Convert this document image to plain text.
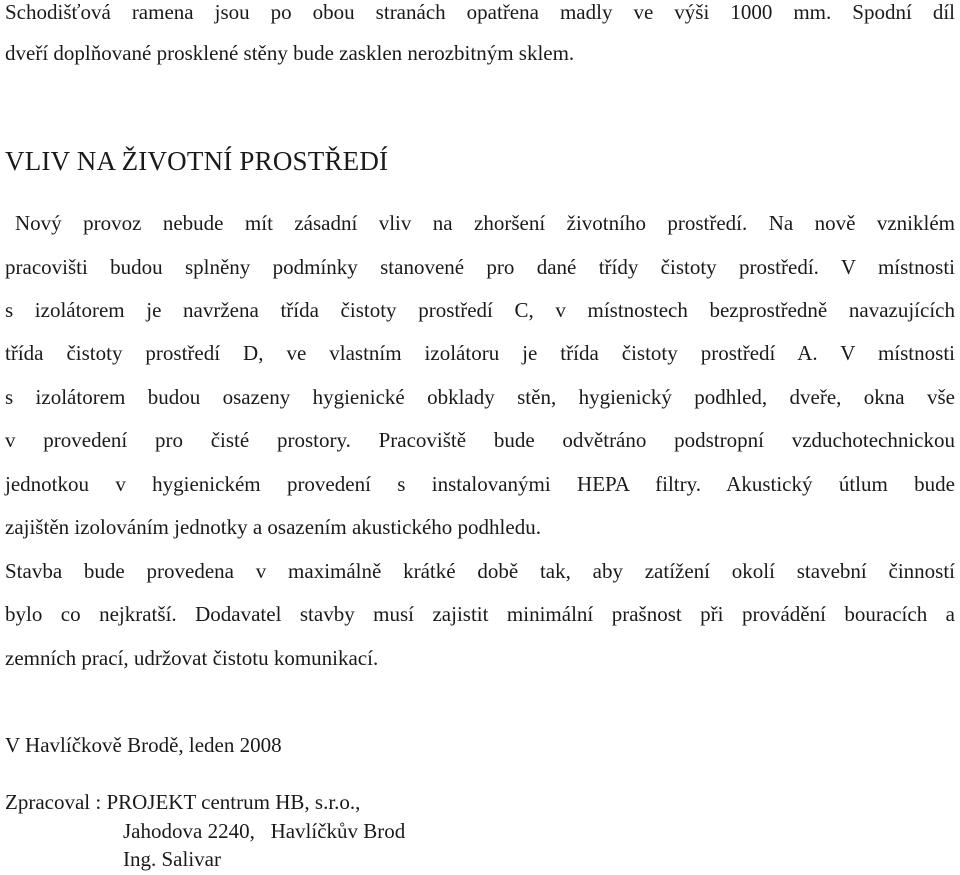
Schodišťová ramena jsou po obou stranách opatřena madly ve výši 1000 mm. Spodní díl
dveří doplňované prosklené stěny bude zasklen nerozbitným sklem.
VLIV NA ŽIVOTNÍ PROSTŘEDÍ
Nový provoz nebude mít zásadní vliv na zhoršení životního prostředí. Na nově vzniklém
pracovišti budou splněny podmínky stanovené pro dané třídy čistoty prostředí. V místnosti
s izolátorem je navržena třída čistoty prostředí C, v místnostech bezprostředně navazujících
třída čistoty prostředí D, ve vlastním izolátoru je třída čistoty prostředí A. V místnosti
s izolátorem budou osazeny hygienické obklady stěn, hygienický podhled, dveře, okna vše
v provedení pro čisté prostory. Pracoviště bude odvětráno podstropní vzduchotechnickou
jednotkou v hygienickém provedení s instalovanými HEPA filtry. Akustický útlum bude
zajištěn izolováním jednotky a osazením akustického podhledu.
Stavba bude provedena v maximálně krátké době tak, aby zatížení okolí stavební činností
bylo co nejkratší. Dodavatel stavby musí zajistit minimální prašnost při provádění bouracích a
zemních prací, udržovat čistotu komunikací.
V Havlíčkově Brodě, leden 2008
Zpracoval : PROJEKT centrum HB, s.r.o.,
Jahodova 2240,   Havlíčkův Brod
Ing. Salivar
